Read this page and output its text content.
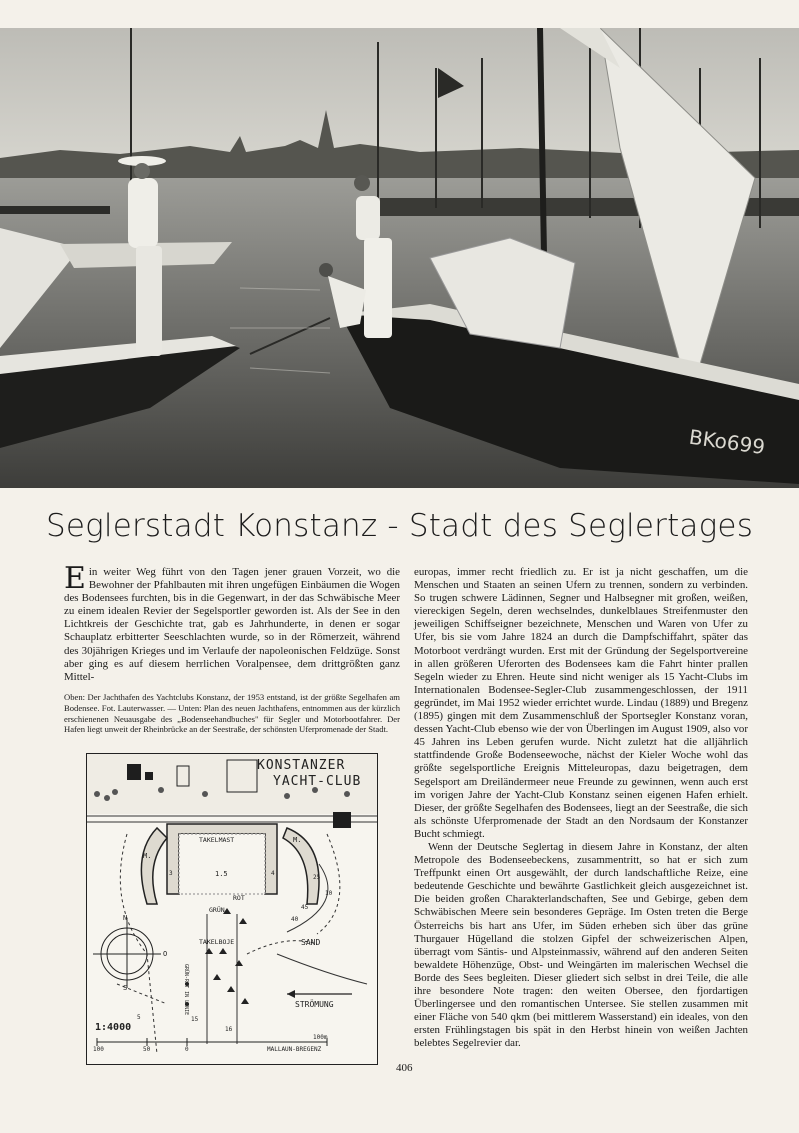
BKo699
Seglerstadt Konstanz - Stadt des Seglertages

Ein weiter Weg führt von den Tagen jener grauen Vorzeit, wo die Bewohner der Pfahlbauten mit ihren ungefügen Einbäumen die Wogen des Bodensees furchten, bis in die Gegenwart, in der das Schwäbische Meer zu einem idealen Revier der Segelsportler geworden ist. Als der See in den Lichtkreis der Geschichte trat, gab es Jahrhunderte, in denen er sogar Schauplatz erbitterter Seeschlachten wurde, so in der Römerzeit, während des 30jährigen Krieges und im Verlaufe der napoleonischen Feldzüge. Sonst aber ging es auf diesem herrlichen Voralpensee, dem drittgrößten ganz Mittel-

Oben: Der Jachthafen des Yachtclubs Konstanz, der 1953 entstand, ist der größte Segelhafen am Bodensee. Fot. Lauterwasser. — Unten: Plan des neuen Jachthafens, entnommen aus der kürzlich erschienenen Neuausgabe des „Bodenseehandbuches" für Segler und Motorbootfahrer. Der Hafen liegt unweit der Rheinbrücke an der Seestraße, der schönsten Uferpromenade der Stadt.
KONSTANZER
YACHT-CLUB
TAKELMAST
M.
M.
1.5
GRÜN
ROT
SAND
TAKELBOJE
GRÜN-ROT IN LINIE	STRÖMUNG
1:4000
MALLAUN-BREGENZ
100	50	0
100m
N
S
O
5
10
15
25
40
45
3	4
16

europas, immer recht friedlich zu. Er ist ja nicht geschaffen, um die Menschen und Staaten an seinen Ufern zu trennen, sondern zu verbinden. So trugen schwere Lädinnen, Segner und Halbsegner mit großen, weißen, viereckigen Segeln, deren wechselndes, dunkelblaues Streifenmuster den jeweiligen Schiffseigner bezeichnete, Menschen und Waren von Ufer zu Ufer, bis sie vom Jahre 1824 an durch die Dampfschiffahrt, später das Motorboot verdrängt wurden. Erst mit der Gründung der Segelsportvereine in allen größeren Uferorten des Bodensees kam die Fahrt hinter prallen Segeln wieder zu Ehren. Heute sind nicht weniger als 15 Yacht-Clubs im Internationalen Bodensee-Segler-Club zusammengeschlossen, der 1911 gegründet, im Mai 1952 wieder errichtet wurde. Lindau (1889) und Bregenz (1895) gingen mit dem Zusammenschluß der Sportsegler Konstanz voran, dessen Yacht-Club ebenso wie der von Überlingen im August 1909, also vor 45 Jahren ins Leben gerufen wurde. Nicht zuletzt hat die alljährlich stattfindende Große Bodenseewoche, nächst der Kieler Woche wohl das größte segelsportliche Ereignis Mitteleuropas, dazu beigetragen, dem Segelsport am Dreiländermeer neue Freunde zu gewinnen, wenn auch erst im vorigen Jahre der Yacht-Club Konstanz seinen eigenen Hafen erhielt. Dieser, der größte Segelhafen des Bodensees, liegt an der Seestraße, die sich als schönste Uferpromenade der Stadt an den Nordsaum der Konstanzer Bucht schmiegt.

Wenn der Deutsche Seglertag in diesem Jahre in Konstanz, der alten Metropole des Bodenseebeckens, zusammentritt, so hat er sich zum Treffpunkt einen Ort ausgewählt, der durch landschaftliche Reize, eine bedeutende Geschichte und bewährte Gastlichkeit gleich ausgezeichnet ist. Die beiden großen Charakterlandschaften, See und Gebirge, geben dem Schwäbischen Meere sein besonderes Gepräge. Im Osten treten die Berge Österreichs bis hart ans Ufer, im Süden erheben sich über das grüne Thurgauer Hügelland die stolzen Gipfel der schweizerischen Alpen, überragt vom Säntis- und Alpsteinmassiv, während auf den anderen Seiten bewaldete Höhenzüge, Obst- und Weingärten im malerischen Wechsel die Borde des Sees begleiten. Dieser gliedert sich selbst in drei Teile, die alle ihre besondere Note tragen: den weiten Obersee, den fjordartigen Überlingersee und den romantischen Untersee. Sie stellen zusammen mit einer Fläche von 540 qkm (bei mittlerem Wasserstand) ein ideales, von den ersten Frühlingstagen bis spät in den Herbst hinein von weißen Jachten belebtes Segelrevier dar.

406
